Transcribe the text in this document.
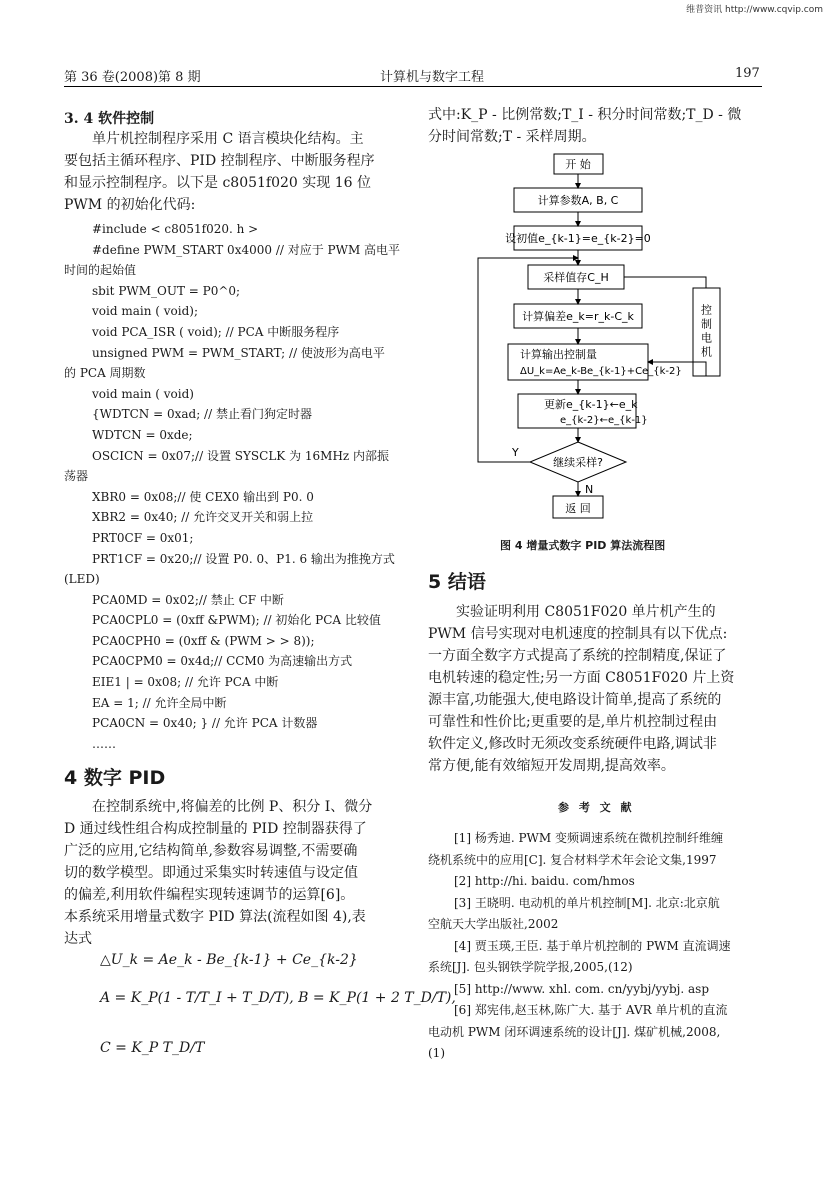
维普资讯 http://www.cqvip.com
第 36 卷(2008)第 8 期	计算机与数字工程	197
3. 4 软件控制
单片机控制程序采用 C 语言模块化结构。主
要包括主循环程序、PID 控制程序、中断服务程序
和显示控制程序。以下是 c8051f020 实现 16 位
PWM 的初始化代码:
#include < c8051f020. h >
#define PWM_START 0x4000 // 对应于 PWM 高电平
时间的起始值
sbit PWM_OUT = P0^0;
void main ( void);
void PCA_ISR ( void); // PCA 中断服务程序
unsigned PWM = PWM_START; // 使波形为高电平
的 PCA 周期数
void main ( void)
{WDTCN = 0xad; // 禁止看门狗定时器
WDTCN = 0xde;
OSCICN = 0x07;// 设置 SYSCLK 为 16MHz 内部振
荡器
XBR0 = 0x08;// 使 CEX0 输出到 P0. 0
XBR2 = 0x40; // 允许交叉开关和弱上拉
PRT0CF = 0x01;
PRT1CF = 0x20;// 设置 P0. 0、P1. 6 输出为推挽方式
(LED)
PCA0MD = 0x02;// 禁止 CF 中断
PCA0CPL0 = (0xff &PWM); // 初始化 PCA 比较值
PCA0CPH0 = (0xff & (PWM > > 8));
PCA0CPM0 = 0x4d;// CCM0 为高速输出方式
EIE1 | = 0x08; // 允许 PCA 中断
EA = 1; // 允许全局中断
PCA0CN = 0x40; } // 允许 PCA 计数器
……
4 数字 PID
在控制系统中,将偏差的比例 P、积分 I、微分
D 通过线性组合构成控制量的 PID 控制器获得了
广泛的应用,它结构简单,参数容易调整,不需要确
切的数学模型。即通过采集实时转速值与设定值
的偏差,利用软件编程实现转速调节的运算[6]。
本系统采用增量式数字 PID 算法(流程如图 4),表
达式
△U_k = Ae_k - Be_{k-1} + Ce_{k-2}
A = K_P(1 - T/T_I + T_D/T), B = K_P(1 + 2 T_D/T),
C = K_P T_D/T
式中:K_P - 比例常数;T_I - 积分时间常数;T_D - 微
分时间常数;T - 采样周期。
开 始
计算参数A, B, C
设初值e_{k-1}=e_{k-2}=0
采样值存C_H
计算偏差e_k=r_k-C_k
计算输出控制量
ΔU_k=Ae_k-Be_{k-1}+Ce_{k-2}
更新e_{k-1}←e_k
e_{k-2}←e_{k-1}
继续采样?
Y
N
返 回
控制电机
图 4 增量式数字 PID 算法流程图
5 结语
实验证明利用 C8051F020 单片机产生的
PWM 信号实现对电机速度的控制具有以下优点:
一方面全数字方式提高了系统的控制精度,保证了
电机转速的稳定性;另一方面 C8051F020 片上资
源丰富,功能强大,使电路设计简单,提高了系统的
可靠性和性价比;更重要的是,单片机控制过程由
软件定义,修改时无须改变系统硬件电路,调试非
常方便,能有效缩短开发周期,提高效率。
参 考 文 献
[1] 杨秀迪. PWM 变频调速系统在微机控制纤维缠
绕机系统中的应用[C]. 复合材料学术年会论文集,1997
[2] http://hi. baidu. com/hmos
[3] 王晓明. 电动机的单片机控制[M]. 北京:北京航
空航天大学出版社,2002
[4] 贾玉瑛,王臣. 基于单片机控制的 PWM 直流调速
系统[J]. 包头钢铁学院学报,2005,(12)
[5] http://www. xhl. com. cn/yybj/yybj. asp
[6] 郑宪伟,赵玉林,陈广大. 基于 AVR 单片机的直流
电动机 PWM 闭环调速系统的设计[J]. 煤矿机械,2008,
(1)
